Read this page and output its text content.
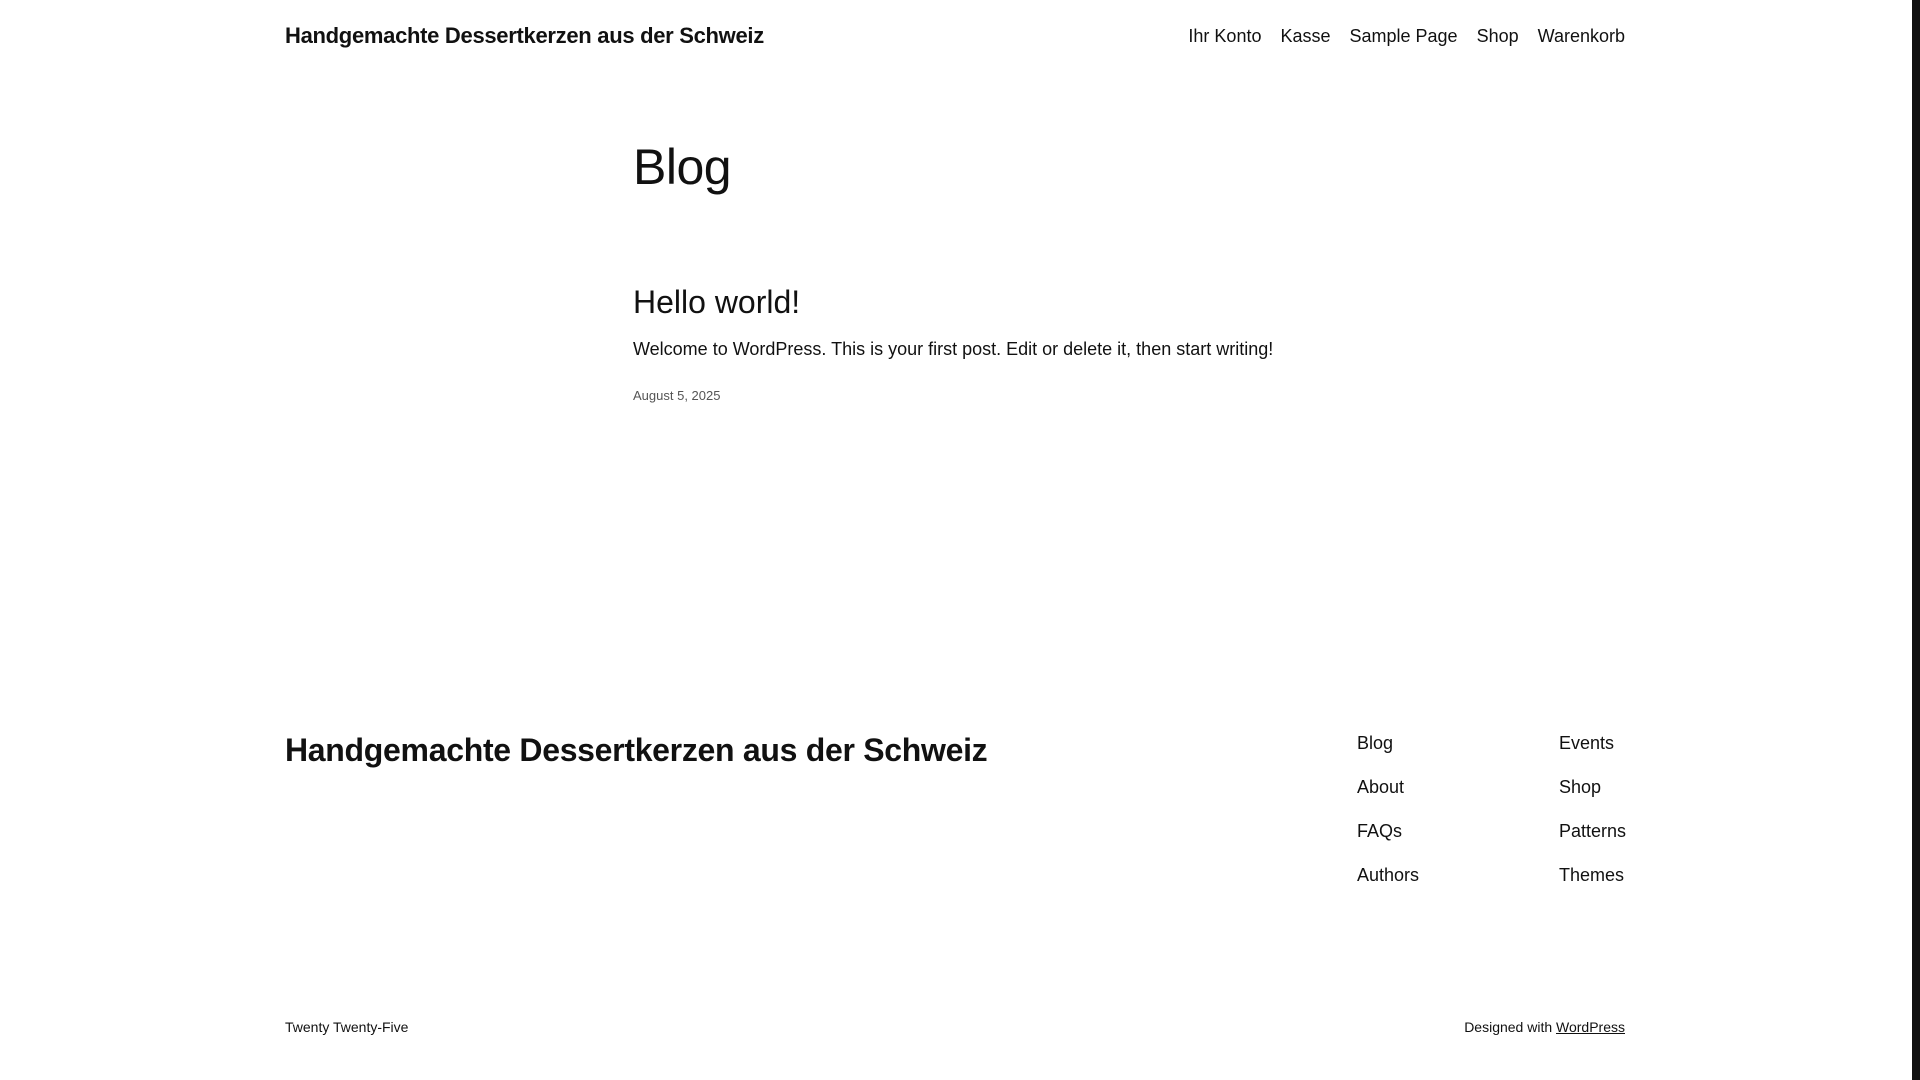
Handgemachte Dessertkerzen aus der Schweiz	Ihr Konto Kasse Sample Page Shop Warenkorb
Blog
Hello world!

Welcome to WordPress. This is your first post. Edit or delete it, then start writing!

August 5, 2025
Handgemachte Dessertkerzen aus der Schweiz	Blog
About
FAQs
Authors
Events
Shop
Patterns
Themes
Twenty Twenty-Five	Designed with WordPress
